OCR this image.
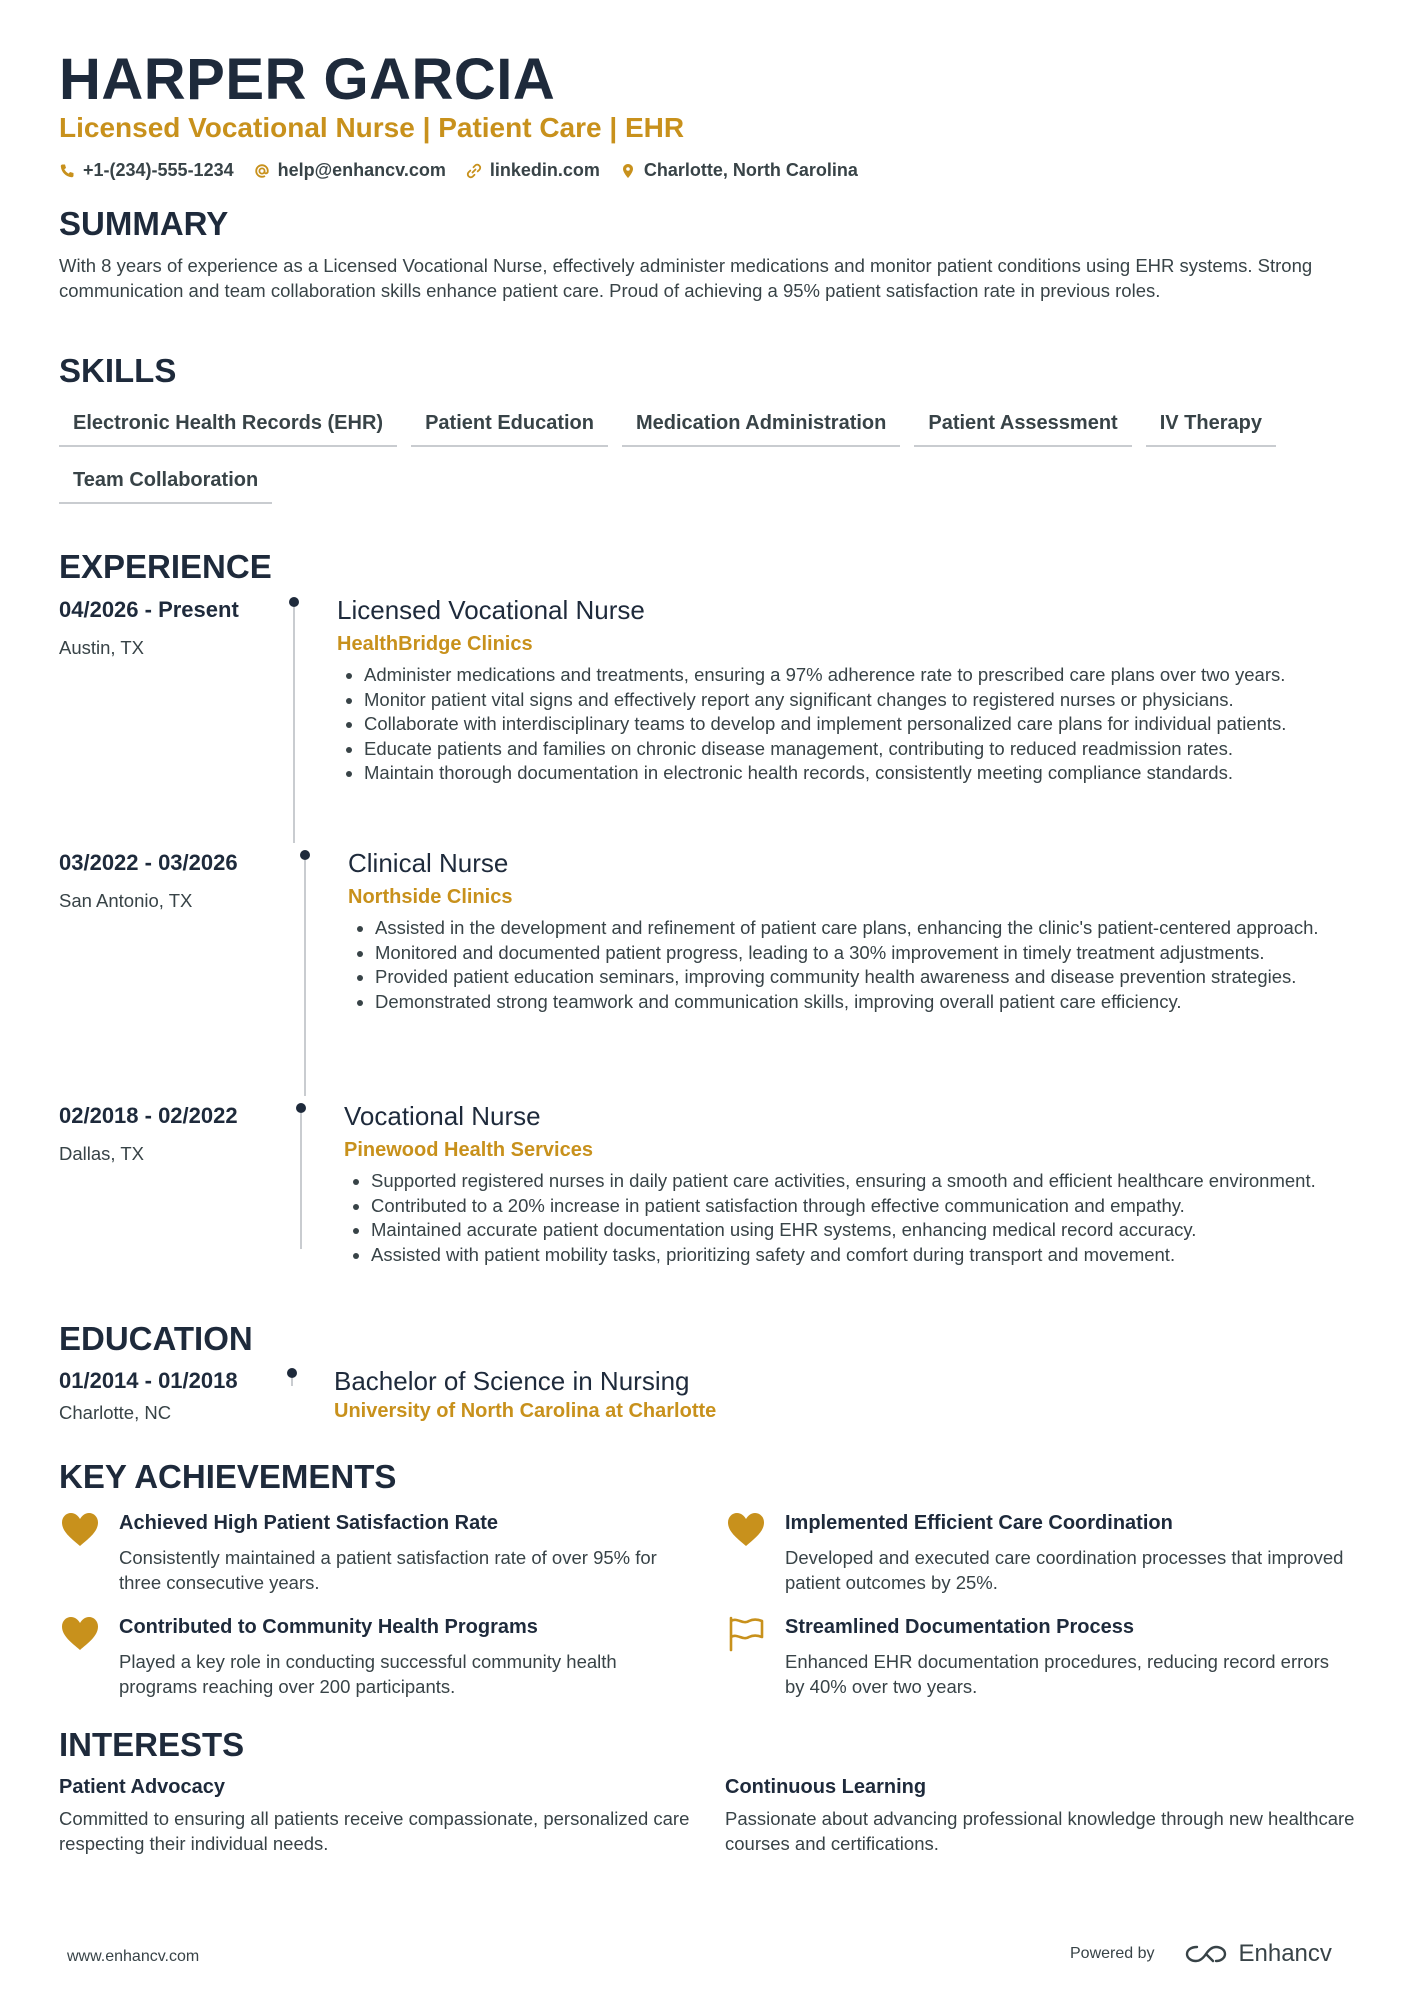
HARPER GARCIA
Licensed Vocational Nurse | Patient Care | EHR
+1-(234)-555-1234 help@enhancv.com linkedin.com Charlotte, North Carolina
SUMMARY

With 8 years of experience as a Licensed Vocational Nurse, effectively administer medications and monitor patient conditions using EHR systems. Strong communication and team collaboration skills enhance patient care. Proud of achieving a 95% patient satisfaction rate in previous roles.

SKILLS
Electronic Health Records (EHR)	Patient Education	Medication Administration	Patient Assessment	IV Therapy
Team Collaboration
EXPERIENCE
04/2026 - Present
Austin, TX
Licensed Vocational Nurse
HealthBridge Clinics
• Administer medications and treatments, ensuring a 97% adherence rate to prescribed care plans over two years.
• Monitor patient vital signs and effectively report any significant changes to registered nurses or physicians.
• Collaborate with interdisciplinary teams to develop and implement personalized care plans for individual patients.
• Educate patients and families on chronic disease management, contributing to reduced readmission rates.
• Maintain thorough documentation in electronic health records, consistently meeting compliance standards.
03/2022 - 03/2026
San Antonio, TX
Clinical Nurse
Northside Clinics
• Assisted in the development and refinement of patient care plans, enhancing the clinic's patient-centered approach.
• Monitored and documented patient progress, leading to a 30% improvement in timely treatment adjustments.
• Provided patient education seminars, improving community health awareness and disease prevention strategies.
• Demonstrated strong teamwork and communication skills, improving overall patient care efficiency.
02/2018 - 02/2022
Dallas, TX
Vocational Nurse
Pinewood Health Services
• Supported registered nurses in daily patient care activities, ensuring a smooth and efficient healthcare environment.
• Contributed to a 20% increase in patient satisfaction through effective communication and empathy.
• Maintained accurate patient documentation using EHR systems, enhancing medical record accuracy.
• Assisted with patient mobility tasks, prioritizing safety and comfort during transport and movement.
EDUCATION
01/2014 - 01/2018
Charlotte, NC
Bachelor of Science in Nursing
University of North Carolina at Charlotte
KEY ACHIEVEMENTS
Achieved High Patient Satisfaction Rate
Consistently maintained a patient satisfaction rate of over 95% for three consecutive years.
Implemented Efficient Care Coordination
Developed and executed care coordination processes that improved patient outcomes by 25%.
Contributed to Community Health Programs
Played a key role in conducting successful community health programs reaching over 200 participants.
Streamlined Documentation Process
Enhanced EHR documentation procedures, reducing record errors by 40% over two years.
INTERESTS
Patient Advocacy
Committed to ensuring all patients receive compassionate, personalized care respecting their individual needs.
Continuous Learning
Passionate about advancing professional knowledge through new healthcare courses and certifications.
www.enhancv.com	Powered by	Enhancv
